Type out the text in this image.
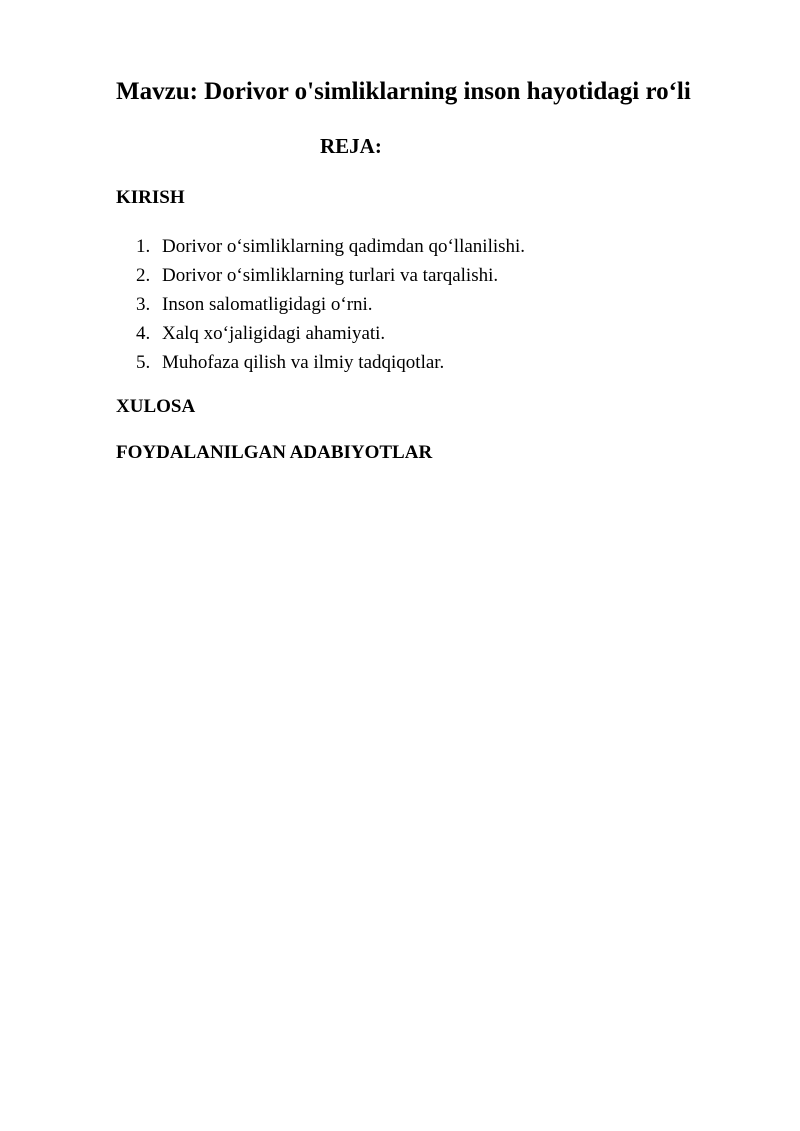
Mavzu: Dorivor o'simliklarning inson hayotidagi ro‘li
REJA:
KIRISH
1. Dorivor o‘simliklarning qadimdan qo‘llanilishi.
2. Dorivor o‘simliklarning turlari va tarqalishi.
3. Inson salomatligidagi o‘rni.
4. Xalq xo‘jaligidagi ahamiyati.
5. Muhofaza qilish va ilmiy tadqiqotlar.
XULOSA
FOYDALANILGAN ADABIYOTLAR
